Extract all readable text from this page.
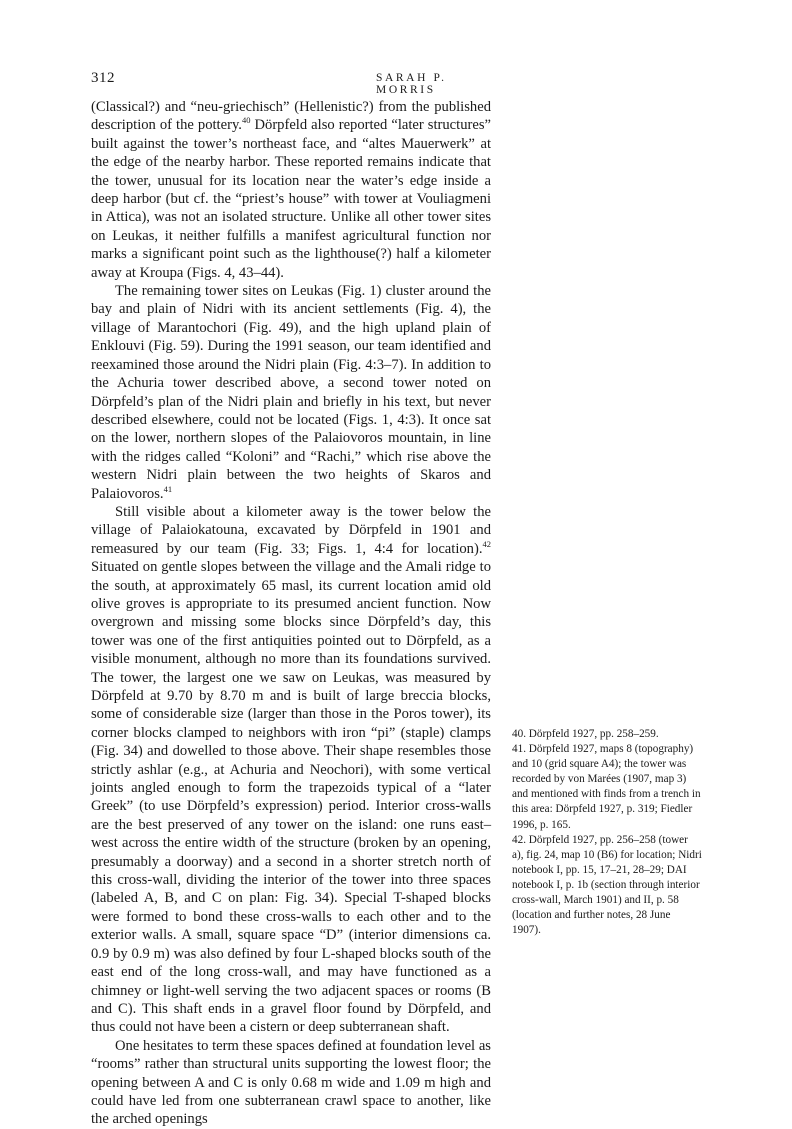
312	SARAH P. MORRIS

(Classical?) and “neu-griechisch” (Hellenistic?) from the published description of the pottery.$^{40}$ Dörpfeld also reported “later structures” built against the tower’s northeast face, and “altes Mauerwerk” at the edge of the nearby harbor. These reported remains indicate that the tower, unusual for its location near the water’s edge inside a deep harbor (but cf. the “priest’s house” with tower at Vouliagmeni in Attica), was not an isolated structure. Unlike all other tower sites on Leukas, it neither fulfills a manifest agricultural function nor marks a significant point such as the lighthouse(?) half a kilometer away at Kroupa (Figs. 4, 43–44).

The remaining tower sites on Leukas (Fig. 1) cluster around the bay and plain of Nidri with its ancient settlements (Fig. 4), the village of Marantochori (Fig. 49), and the high upland plain of Enklouvi (Fig. 59). During the 1991 season, our team identified and reexamined those around the Nidri plain (Fig. 4:3–7). In addition to the Achuria tower described above, a second tower noted on Dörpfeld’s plan of the Nidri plain and briefly in his text, but never described elsewhere, could not be located (Figs. 1, 4:3). It once sat on the lower, northern slopes of the Palaiovoros mountain, in line with the ridges called “Koloni” and “Rachi,” which rise above the western Nidri plain between the two heights of Skaros and Palaiovoros.$^{41}$

Still visible about a kilometer away is the tower below the village of Palaiokatouna, excavated by Dörpfeld in 1901 and remeasured by our team (Fig. 33; Figs. 1, 4:4 for location).$^{42}$ Situated on gentle slopes between the village and the Amali ridge to the south, at approximately 65 masl, its current location amid old olive groves is appropriate to its presumed ancient function. Now overgrown and missing some blocks since Dörpfeld’s day, this tower was one of the first antiquities pointed out to Dörpfeld, as a visible monument, although no more than its foundations survived. The tower, the largest one we saw on Leukas, was measured by Dörpfeld at 9.70 by 8.70 m and is built of large breccia blocks, some of considerable size (larger than those in the Poros tower), its corner blocks clamped to neighbors with iron “pi” (staple) clamps (Fig. 34) and dowelled to those above. Their shape resembles those strictly ashlar (e.g., at Achuria and Neochori), with some vertical joints angled enough to form the trapezoids typical of a “later Greek” (to use Dörpfeld’s expression) period. Interior cross-walls are the best preserved of any tower on the island: one runs east–west across the entire width of the structure (broken by an opening, presumably a doorway) and a second in a shorter stretch north of this cross-wall, dividing the interior of the tower into three spaces (labeled A, B, and C on plan: Fig. 34). Special T-shaped blocks were formed to bond these cross-walls to each other and to the exterior walls. A small, square space “D” (interior dimensions ca. 0.9 by 0.9 m) was also defined by four L-shaped blocks south of the east end of the long cross-wall, and may have functioned as a chimney or light-well serving the two adjacent spaces or rooms (B and C). This shaft ends in a gravel floor found by Dörpfeld, and thus could not have been a cistern or deep subterranean shaft.

One hesitates to term these spaces defined at foundation level as “rooms” rather than structural units supporting the lowest floor; the opening between A and C is only 0.68 m wide and 1.09 m high and could have led from one subterranean crawl space to another, like the arched openings

40. Dörpfeld 1927, pp. 258–259.

41. Dörpfeld 1927, maps 8 (topography) and 10 (grid square A4); the tower was recorded by von Marées (1907, map 3) and mentioned with finds from a trench in this area: Dörpfeld 1927, p. 319; Fiedler 1996, p. 165.

42. Dörpfeld 1927, pp. 256–258 (tower a), fig. 24, map 10 (B6) for location; Nidri notebook I, pp. 15, 17–21, 28–29; DAI notebook I, p. 1b (section through interior cross-wall, March 1901) and II, p. 58 (location and further notes, 28 June 1907).
